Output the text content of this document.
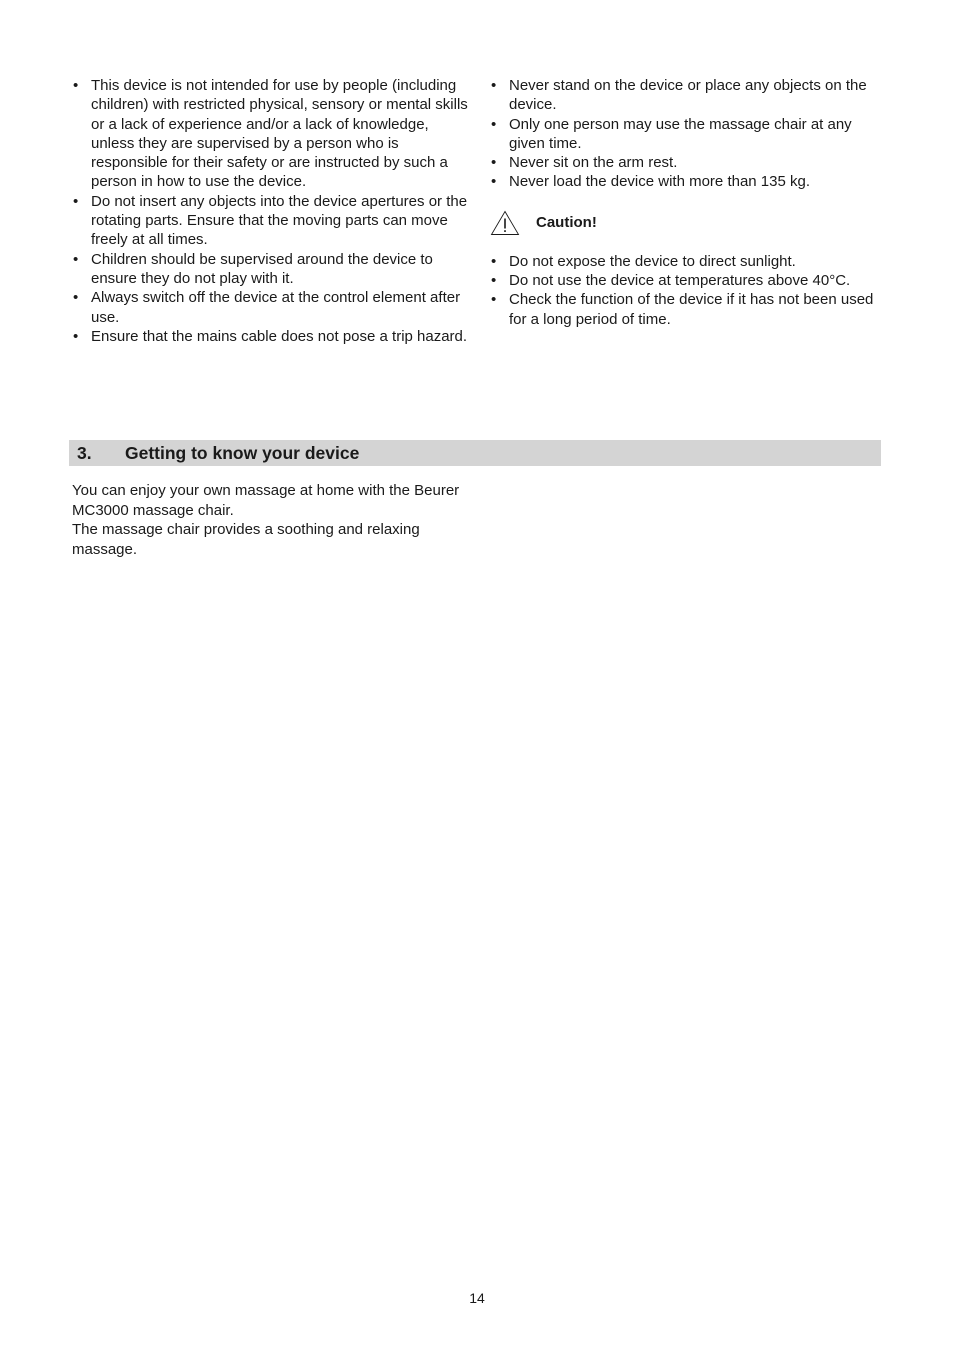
• This device is not intended for use by people (including children) with restricted physical, sensory or mental skills or a lack of experience and/or a lack of knowledge, unless they are supervised by a person who is responsible for their safety or are instructed by such a person in how to use the device.
• Do not insert any objects into the device apertures or the rotating parts. Ensure that the moving parts can move freely at all times.
• Children should be supervised around the device to ensure they do not play with it.
• Always switch off the device at the control element after use.
• Ensure that the mains cable does not pose a trip hazard.
• Never stand on the device or place any objects on the device.
• Only one person may use the massage chair at any given time.
• Never sit on the arm rest.
• Never load the device with more than 135 kg.
Caution!
• Do not expose the device to direct sunlight.
• Do not use the device at temperatures above 40°C.
• Check the function of the device if it has not been used for a long period of time.
3.	Getting to know your device

You can enjoy your own massage at home with the Beurer MC3000 massage chair.

The massage chair provides a soothing and relaxing massage.

14
